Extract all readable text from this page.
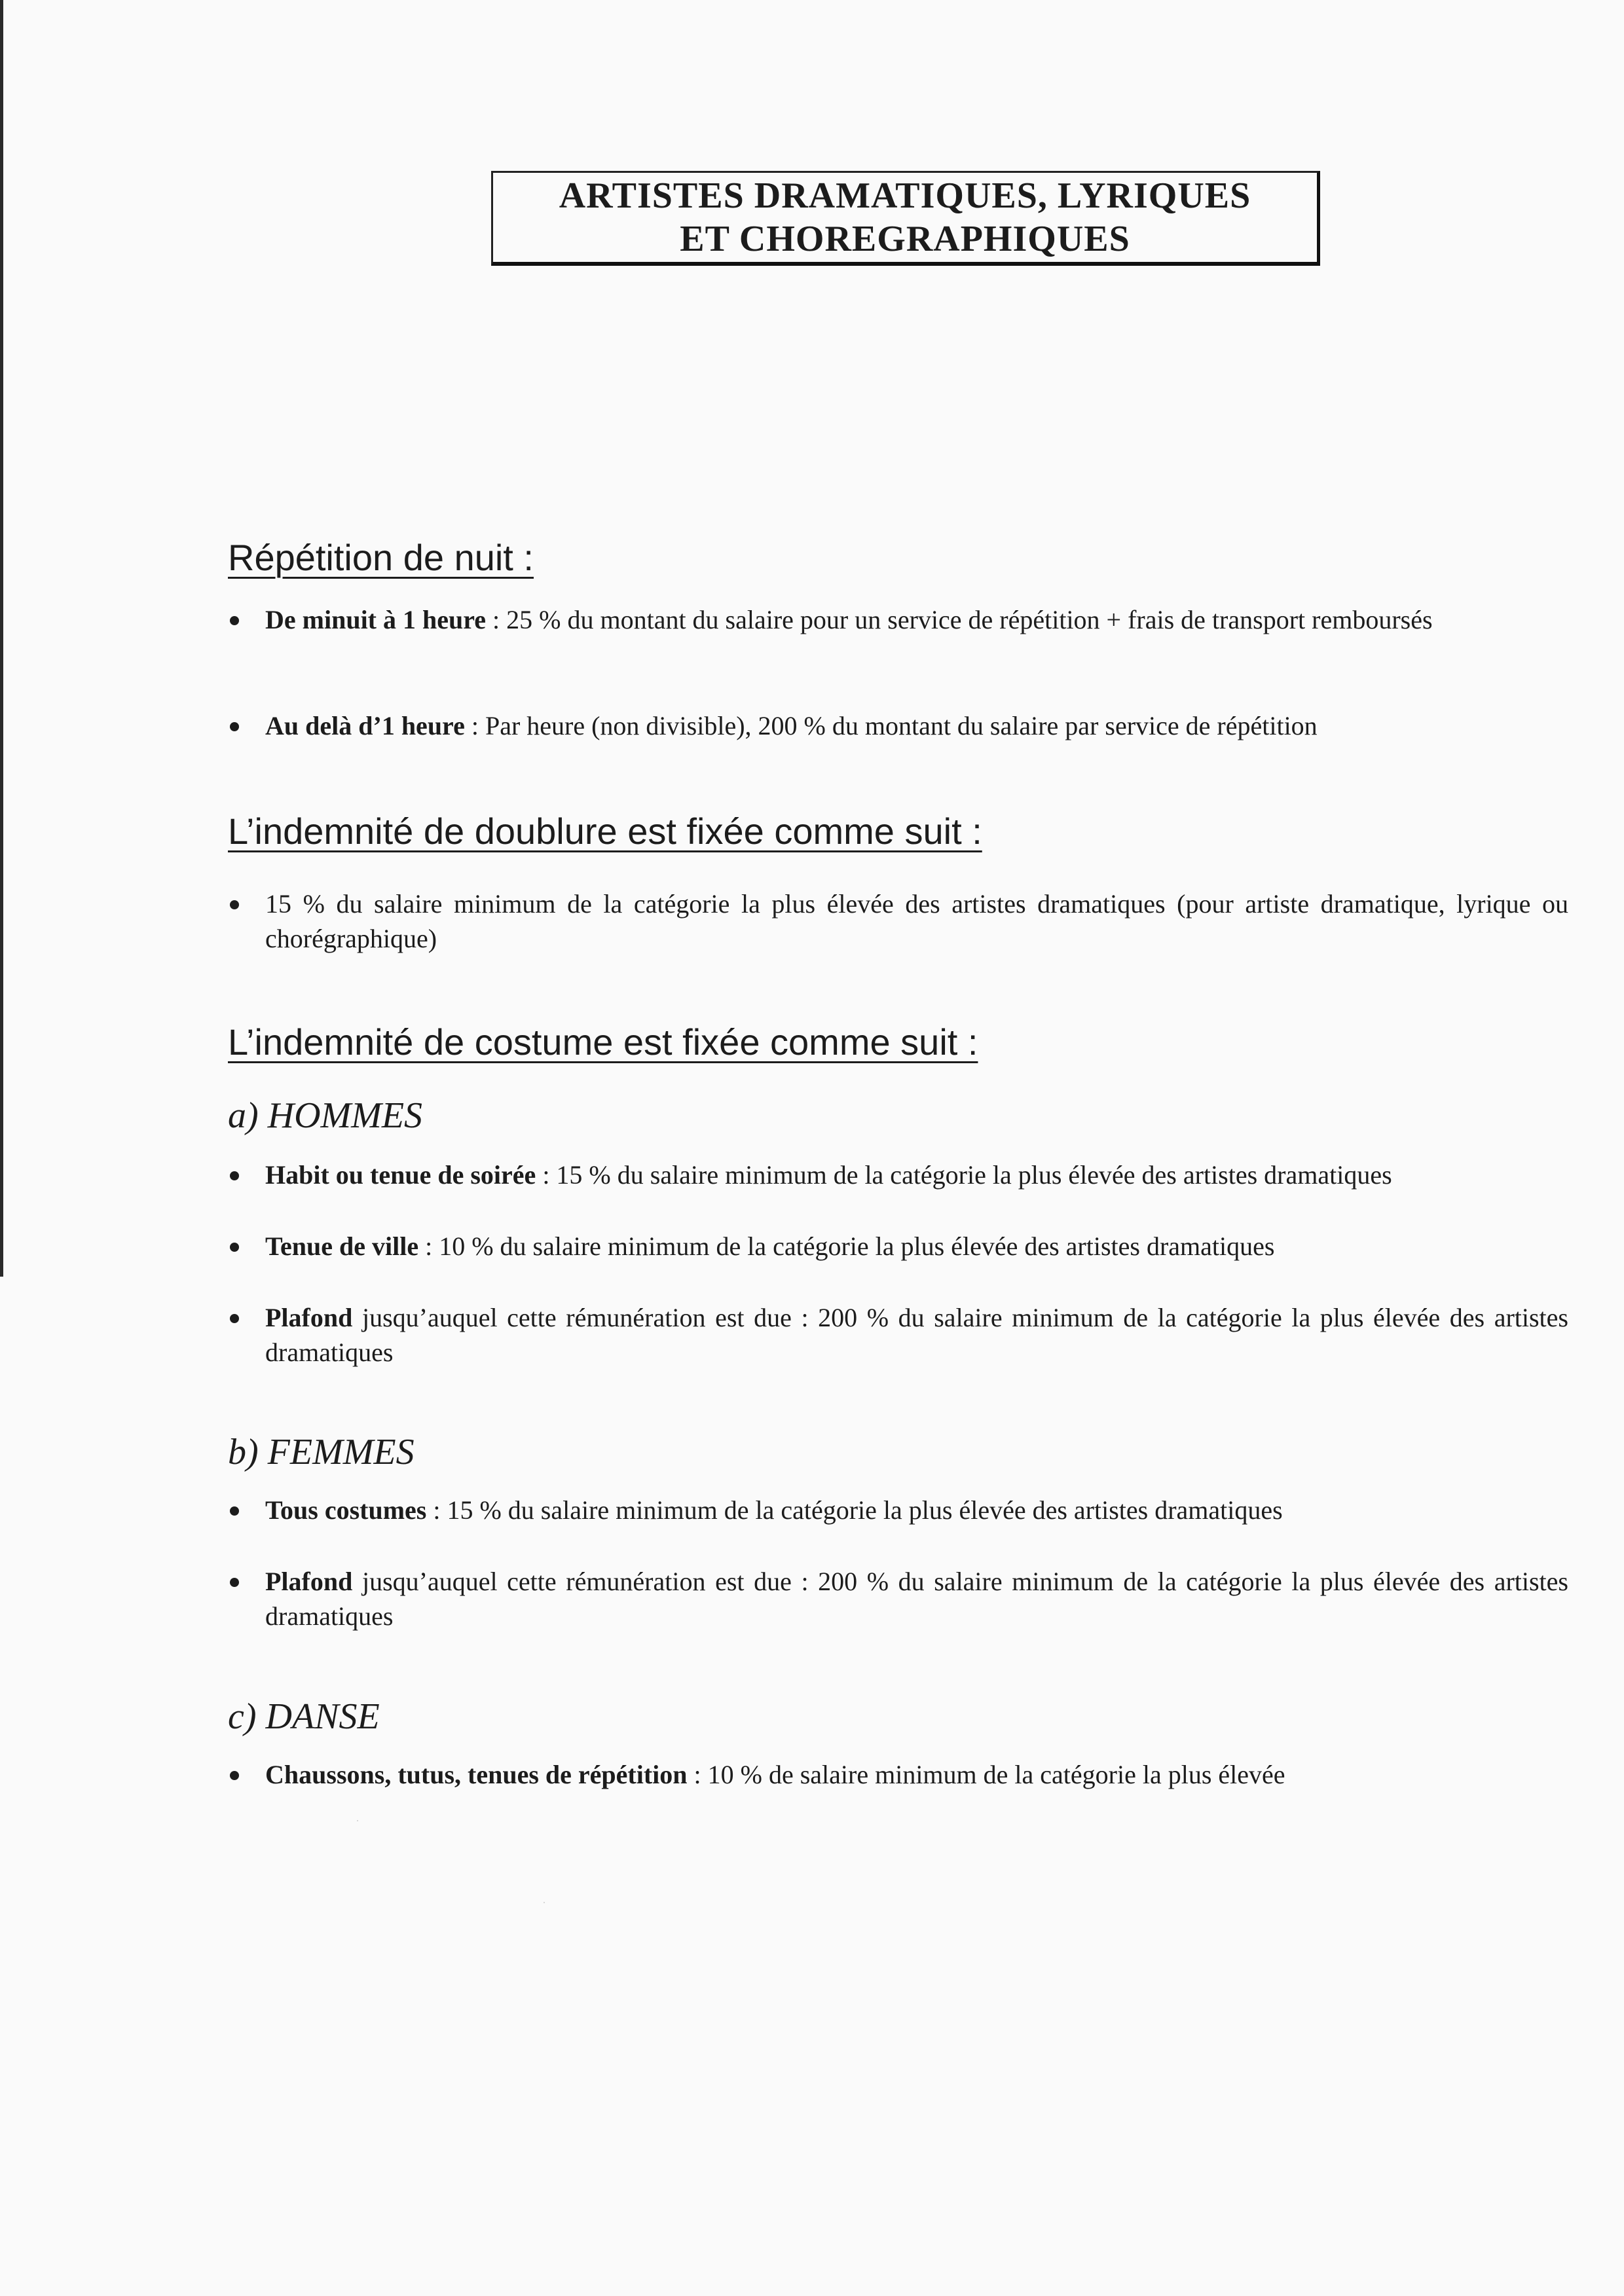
ARTISTES DRAMATIQUES, LYRIQUES
ET CHOREGRAPHIQUES
Répétition de nuit :
De minuit à 1 heure : 25 % du montant du salaire pour un service de répétition + frais de transport remboursés
Au delà d’1 heure : Par heure (non divisible), 200 % du montant du salaire par service de répétition
L’indemnité de doublure est fixée comme suit :
15 % du salaire minimum de la catégorie la plus élevée des artistes dramatiques (pour artiste dramatique, lyrique ou chorégraphique)
L’indemnité de costume est fixée comme suit :
a) HOMMES
Habit ou tenue de soirée : 15 % du salaire minimum de la catégorie la plus élevée des artistes dramatiques
Tenue de ville : 10 % du salaire minimum de la catégorie la plus élevée des artistes dramatiques
Plafond jusqu’auquel cette rémunération est due : 200 % du salaire minimum de la catégorie la plus élevée des artistes dramatiques
b) FEMMES
Tous costumes : 15 % du salaire minimum de la catégorie la plus élevée des artistes dramatiques
Plafond jusqu’auquel cette rémunération est due : 200 % du salaire minimum de la catégorie la plus élevée des artistes dramatiques
c) DANSE
Chaussons, tutus, tenues de répétition : 10 % de salaire minimum de la catégorie la plus élevée
